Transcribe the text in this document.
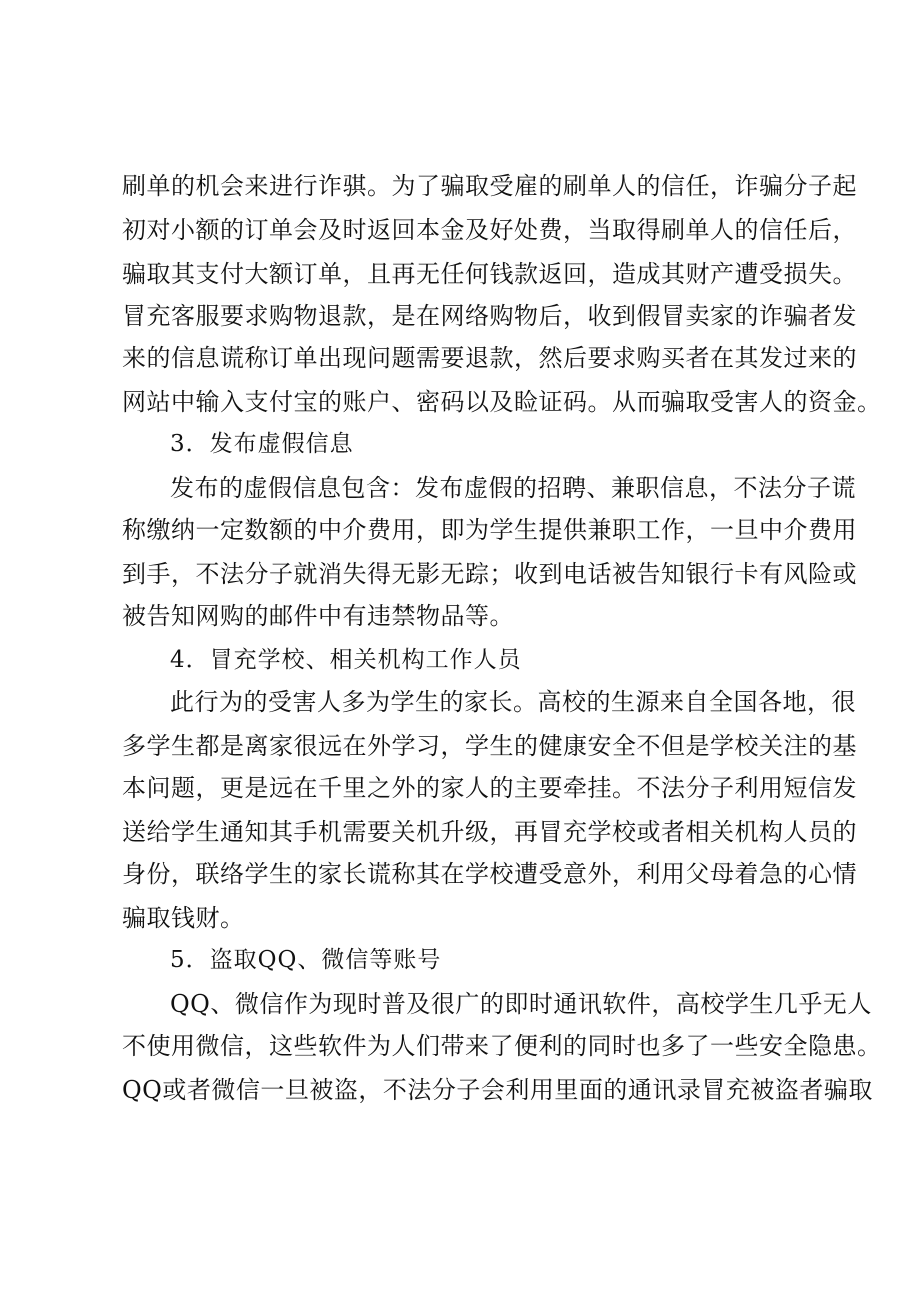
刷单的机会来进行诈骐。为了骗取受雇的刷单人的信任，诈骗分子起
初对小额的订单会及时返回本金及好处费，当取得刷单人的信任后，
骗取其支付大额订单，且再无任何钱款返回，造成其财产遭受损失。
冒充客服要求购物退款，是在网络购物后，收到假冒卖家的诈骗者发
来的信息谎称订单出现问题需要退款，然后要求购买者在其发过来的
网站中输入支付宝的账户、密码以及睑证码。从而骗取受害人的资金。
3．发布虚假信息
发布的虚假信息包含：发布虚假的招聘、兼职信息，不法分子谎
称缴纳一定数额的中介费用，即为学生提供兼职工作，一旦中介费用
到手，不法分子就消失得无影无踪；收到电话被告知银行卡有风险或
被告知网购的邮件中有违禁物品等。
4．冒充学校、相关机构工作人员
此行为的受害人多为学生的家长。高校的生源来自全国各地，很
多学生都是离家很远在外学习，学生的健康安全不但是学校关注的基
本问题，更是远在千里之外的家人的主要牵挂。不法分子利用短信发
送给学生通知其手机需要关机升级，再冒充学校或者相关机构人员的
身份，联络学生的家长谎称其在学校遭受意外，利用父母着急的心情
骗取钱财。
5．盗取QQ、微信等账号
QQ、微信作为现时普及很广的即时通讯软件，高校学生几乎无人
不使用微信，这些软件为人们带来了便利的同时也多了一些安全隐患。
QQ或者微信一旦被盗，不法分子会利用里面的通讯录冒充被盗者骗取
